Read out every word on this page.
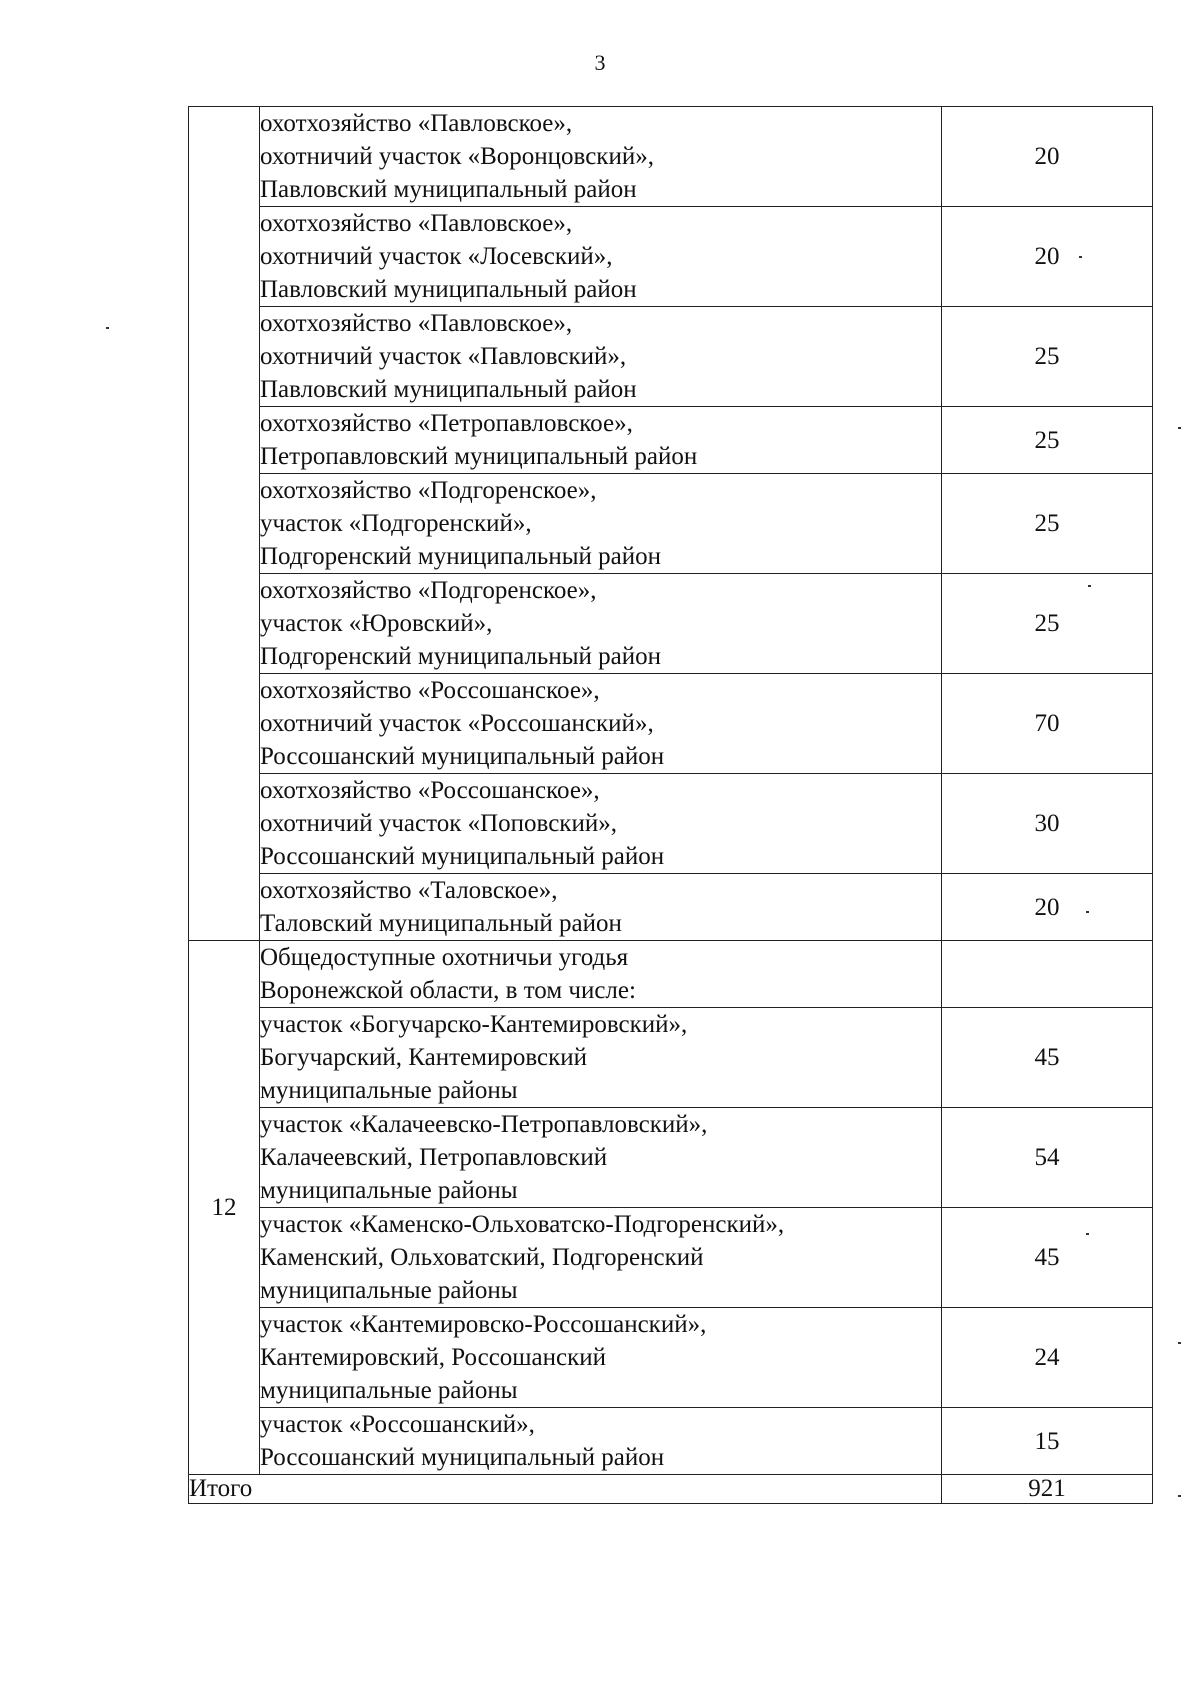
3

	охотхозяйство «Павловское»,
охотничий участок «Воронцовский»,
Павловский муниципальный район	20

	охотхозяйство «Павловское»,
охотничий участок «Лосевский»,
Павловский муниципальный район	20

	охотхозяйство «Павловское»,
охотничий участок «Павловский»,
Павловский муниципальный район	25

	охотхозяйство «Петропавловское»,
Петропавловский муниципальный район	25

	охотхозяйство «Подгоренское»,
участок «Подгоренский»,
Подгоренский муниципальный район	25

	охотхозяйство «Подгоренское»,
участок «Юровский»,
Подгоренский муниципальный район	25

	охотхозяйство «Россошанское»,
охотничий участок «Россошанский»,
Россошанский муниципальный район	70

	охотхозяйство «Россошанское»,
охотничий участок «Поповский»,
Россошанский муниципальный район	30

	охотхозяйство «Таловское»,
Таловский муниципальный район	20
12	Общедоступные охотничьи угодья
Воронежской области, в том числе:	

	участок «Богучарско-Кантемировский»,
Богучарский, Кантемировский
муниципальные районы	45

	участок «Калачеевско-Петропавловский»,
Калачеевский, Петропавловский
муниципальные районы	54

	участок «Каменско-Ольховатско-Подгоренский»,
Каменский, Ольховатский, Подгоренский
муниципальные районы	45

	участок «Кантемировско-Россошанский»,
Кантемировский, Россошанский
муниципальные районы	24

	участок «Россошанский»,
Россошанский муниципальный район	15
Итого		921
